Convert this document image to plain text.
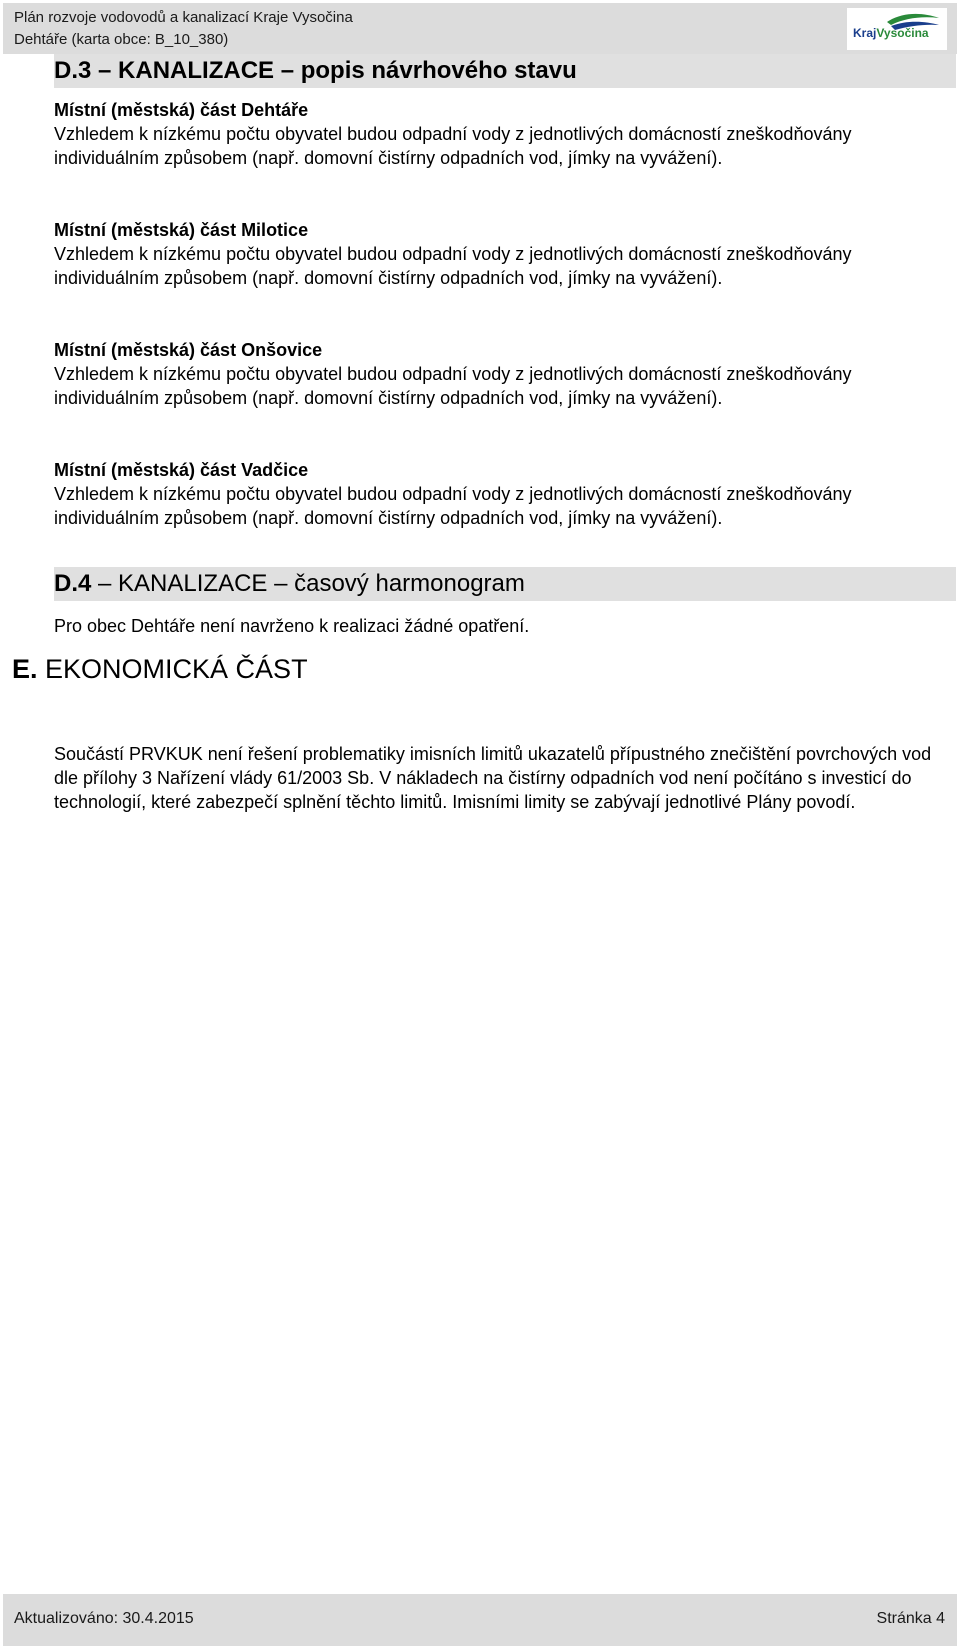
Plán rozvoje vodovodů a kanalizací Kraje Vysočina
Dehtáře (karta obce: B_10_380)	KrajVysočina
D.3 – KANALIZACE – popis návrhového stavu
Místní (městská) část Dehtáře

Vzhledem k nízkému počtu obyvatel budou odpadní vody z jednotlivých domácností zneškodňovány individuálním způsobem (např. domovní čistírny odpadních vod, jímky na vyvážení).

Místní (městská) část Milotice

Vzhledem k nízkému počtu obyvatel budou odpadní vody z jednotlivých domácností zneškodňovány individuálním způsobem (např. domovní čistírny odpadních vod, jímky na vyvážení).

Místní (městská) část Onšovice

Vzhledem k nízkému počtu obyvatel budou odpadní vody z jednotlivých domácností zneškodňovány individuálním způsobem (např. domovní čistírny odpadních vod, jímky na vyvážení).

Místní (městská) část Vadčice

Vzhledem k nízkému počtu obyvatel budou odpadní vody z jednotlivých domácností zneškodňovány individuálním způsobem (např. domovní čistírny odpadních vod, jímky na vyvážení).

D.4 – KANALIZACE – časový harmonogram

Pro obec Dehtáře není navrženo k realizaci žádné opatření.

E. EKONOMICKÁ ČÁST

Součástí PRVKUK není řešení problematiky imisních limitů ukazatelů přípustného znečištění povrchových vod dle přílohy 3 Nařízení vlády 61/2003 Sb. V nákladech na čistírny odpadních vod není počítáno s investicí do technologií, které zabezpečí splnění těchto limitů. Imisními limity se zabývají jednotlivé Plány povodí.

Aktualizováno: 30.4.2015	Stránka 4
